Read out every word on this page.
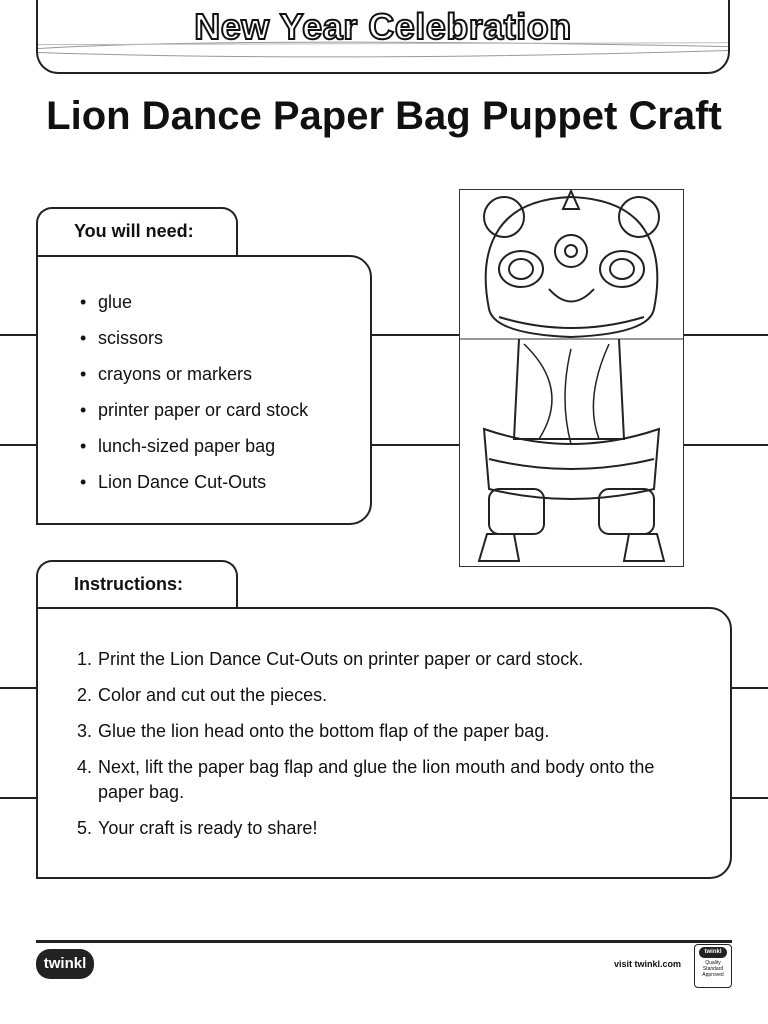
New Year Celebration
Lion Dance Paper Bag Puppet Craft
You will need:
• glue
• scissors
• crayons or markers
• printer paper or card stock
• lunch-sized paper bag
• Lion Dance Cut-Outs
Instructions:
1. Print the Lion Dance Cut-Outs on printer paper or card stock.
2. Color and cut out the pieces.
3. Glue the lion head onto the bottom flap of the paper bag.
4. Next, lift the paper bag flap and glue the lion mouth and body onto the paper bag.
5. Your craft is ready to share!
twinkl	visit twinkl.com
twinkl
Quality Standard Approved
